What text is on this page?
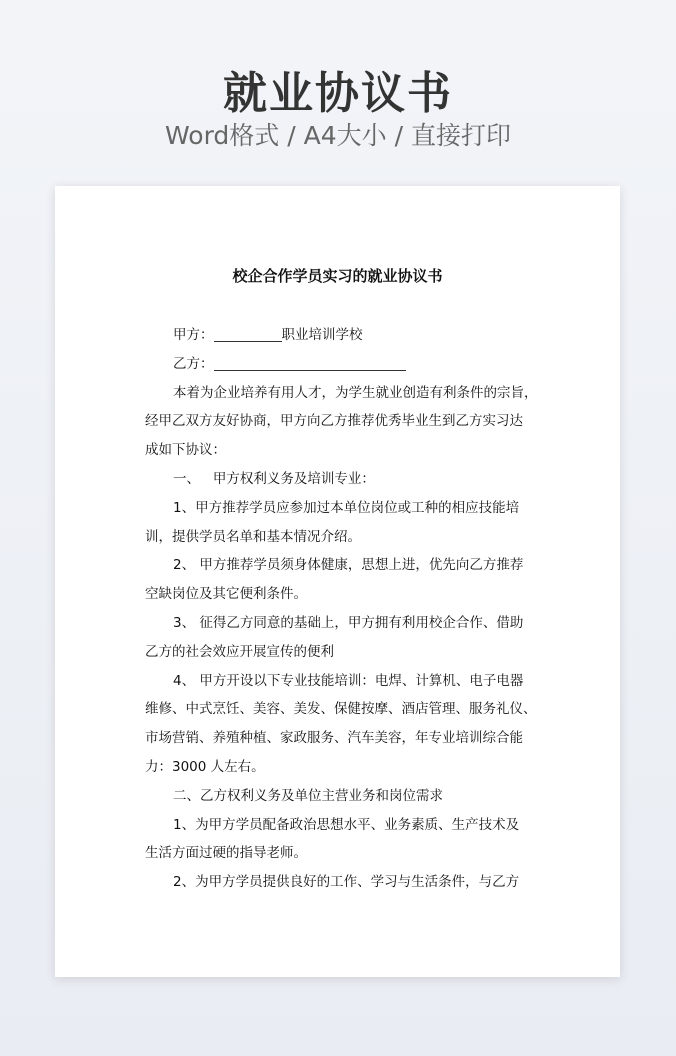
就业协议书
Word格式 / A4大小 / 直接打印
校企合作学员实习的就业协议书
甲方：	职业培训学校
乙方：
本着为企业培养有用人才，为学生就业创造有利条件的宗旨，
经甲乙双方友好协商，甲方向乙方推荐优秀毕业生到乙方实习达
成如下协议：
一、   甲方权利义务及培训专业：
1、甲方推荐学员应参加过本单位岗位或工种的相应技能培
训，提供学员名单和基本情况介绍。
2、 甲方推荐学员须身体健康，思想上进，优先向乙方推荐
空缺岗位及其它便利条件。
3、 征得乙方同意的基础上，甲方拥有利用校企合作、借助
乙方的社会效应开展宣传的便利
4、 甲方开设以下专业技能培训：电焊、计算机、电子电器
维修、中式烹饪、美容、美发、保健按摩、酒店管理、服务礼仪、
市场营销、养殖种植、家政服务、汽车美容，年专业培训综合能
力：3000 人左右。
二、乙方权利义务及单位主营业务和岗位需求
1、为甲方学员配备政治思想水平、业务素质、生产技术及
生活方面过硬的指导老师。
2、为甲方学员提供良好的工作、学习与生活条件，与乙方
